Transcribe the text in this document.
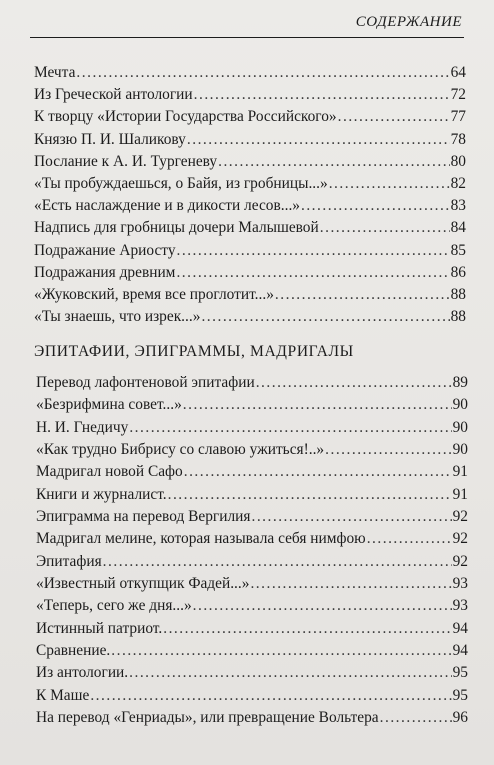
СОДЕРЖАНИЕ
Мечта .....	64
Из Греческой антологии .....	72
К творцу «Истории Государства Российского» .....	77
Князю П. И. Шаликову .....	78
Послание к А. И. Тургеневу .....	80
«Ты пробуждаешься, о Байя, из гробницы...» .....	82
«Есть наслаждение и в дикости лесов...» .....	83
Надпись для гробницы дочери Малышевой .....	84
Подражание Ариосту .....	85
Подражания древним .....	86
«Жуковский, время все проглотит...» .....	88
«Ты знаешь, что изрек...» .....	88
ЭПИТАФИИ, ЭПИГРАММЫ, МАДРИГАЛЫ
Перевод лафонтеновой эпитафии .....	89
«Безрифмина совет...» .....	90
Н. И. Гнедичу .....	90
«Как трудно Бибрису со славою ужиться!..» .....	90
Мадригал новой Сафо .....	91
Книги и журналист. .....	91
Эпиграмма на перевод Вергилия .....	92
Мадригал мелине, которая называла себя нимфою .....	92
Эпитафия .....	92
«Известный откупщик Фадей...» .....	93
«Теперь, сего же дня...» .....	93
Истинный патриот. .....	94
Сравнение. .....	94
Из антологии. .....	95
К Маше .....	95
На перевод «Генриады», или превращение Вольтера .....	96
